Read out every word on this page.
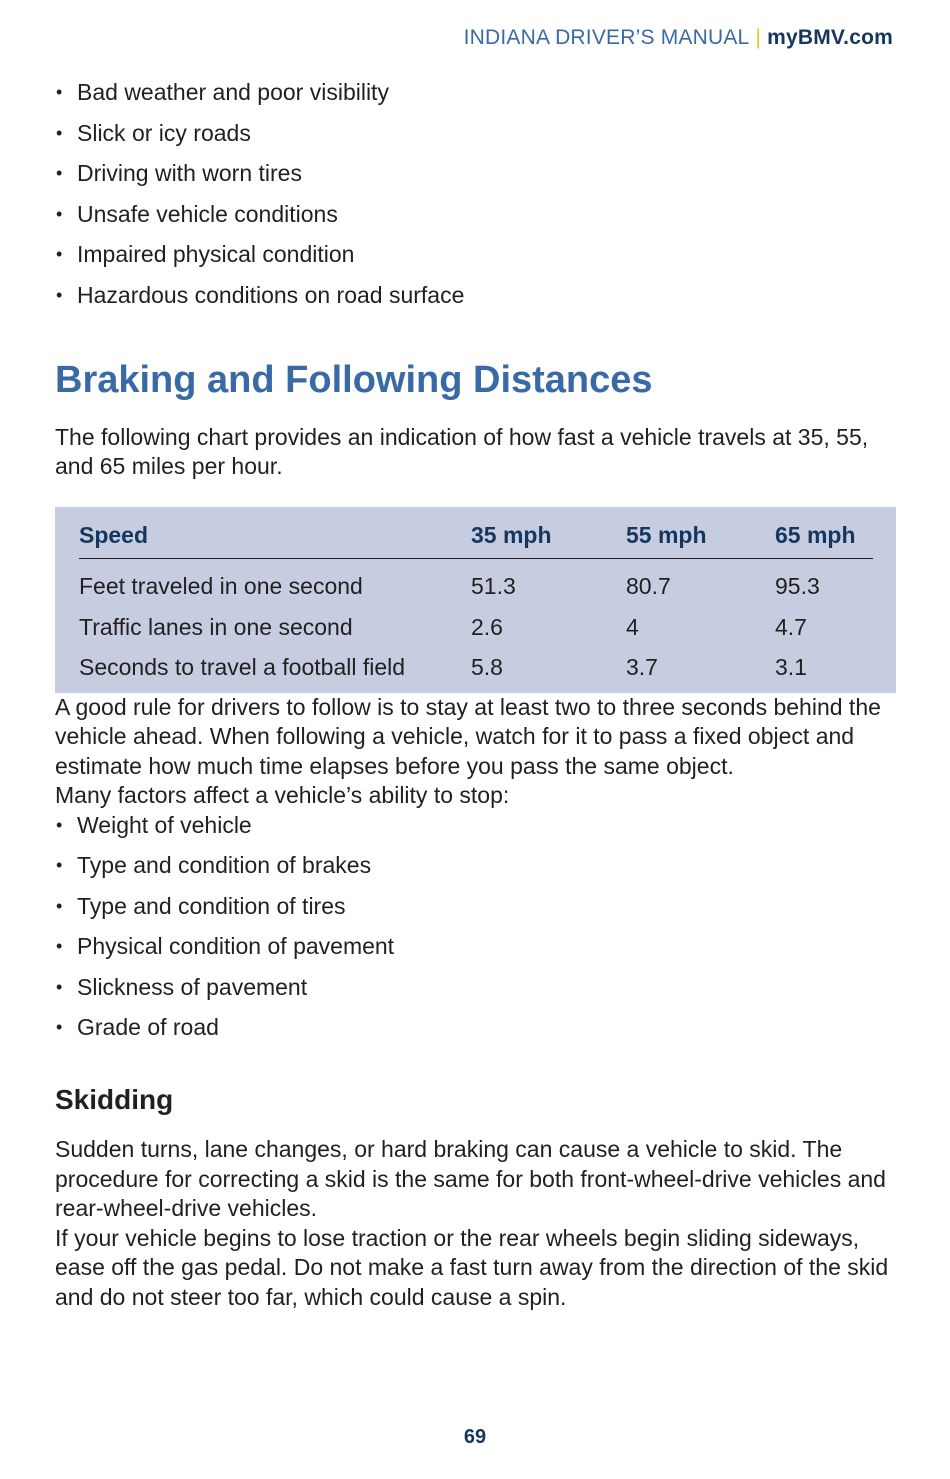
INDIANA DRIVER’S MANUAL | myBMV.com
• Bad weather and poor visibility
• Slick or icy roads
• Driving with worn tires
• Unsafe vehicle conditions
• Impaired physical condition
• Hazardous conditions on road surface
Braking and Following Distances

The following chart provides an indication of how fast a vehicle travels at 35, 55, and 65 miles per hour.

Speed	35 mph	55 mph	65 mph
Feet traveled in one second	51.3	80.7	95.3
Traffic lanes in one second	2.6	4	4.7
Seconds to travel a football field	5.8	3.7	3.1

A good rule for drivers to follow is to stay at least two to three seconds behind the vehicle ahead. When following a vehicle, watch for it to pass a fixed object and estimate how much time elapses before you pass the same object.

Many factors affect a vehicle’s ability to stop:

• Weight of vehicle
• Type and condition of brakes
• Type and condition of tires
• Physical condition of pavement
• Slickness of pavement
• Grade of road
Skidding

Sudden turns, lane changes, or hard braking can cause a vehicle to skid. The procedure for correcting a skid is the same for both front-wheel-drive vehicles and rear-wheel-drive vehicles.

If your vehicle begins to lose traction or the rear wheels begin sliding sideways, ease off the gas pedal. Do not make a fast turn away from the direction of the skid and do not steer too far, which could cause a spin.

69
